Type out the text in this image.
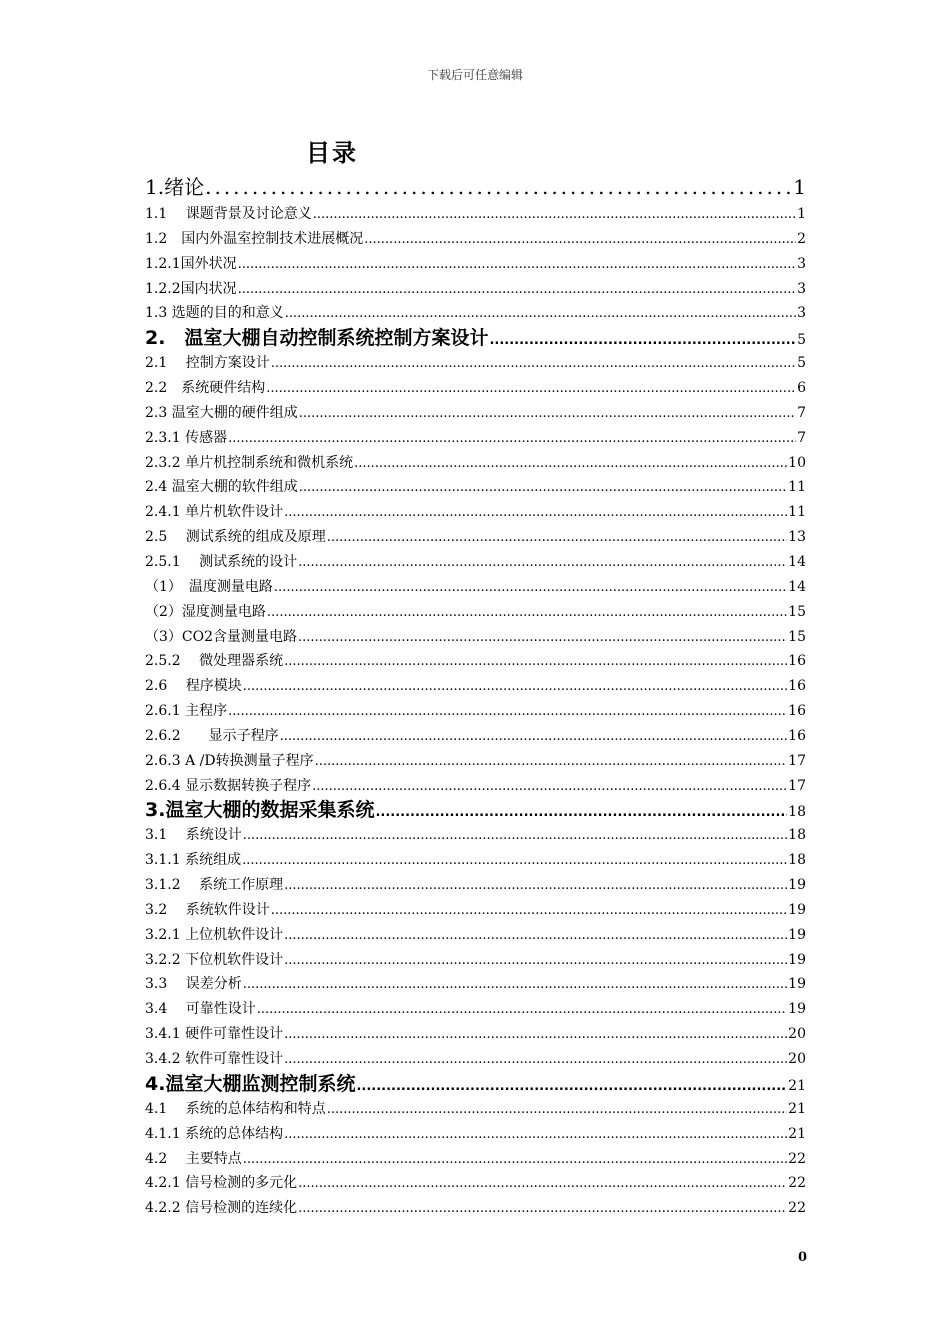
下载后可任意编辑
目录
1.绪论 .....	1
1.1　 课题背景及讨论意义 .....	1
1.2　国内外温室控制技术进展概况 .....	2
1.2.1国外状况 .....	3
1.2.2国内状况 .....	3
1.3 选题的目的和意义 .....	3
2.　温室大棚自动控制系统控制方案设计 .....	5
2.1　 控制方案设计 .....	5
2.2　系统硬件结构 .....	6
2.3 温室大棚的硬件组成 .....	7
2.3.1 传感器 .....	7
2.3.2 单片机控制系统和微机系统 .....	10
2.4 温室大棚的软件组成 .....	11
2.4.1 单片机软件设计 .....	11
2.5　 测试系统的组成及原理 .....	13
2.5.1　 测试系统的设计 .....	14
（1）　温度测量电路 .....	14
（2）湿度测量电路 .....	15
（3）CO2含量测量电路 .....	15
2.5.2　 微处理器系统 .....	16
2.6　 程序模块 .....	16
2.6.1 主程序 .....	16
2.6.2　　显示子程序 .....	16
2.6.3 A /D转换测量子程序 .....	17
2.6.4 显示数据转换子程序 .....	17
3.温室大棚的数据采集系统 .....	18
3.1　 系统设计 .....	18
3.1.1 系统组成 .....	18
3.1.2　 系统工作原理 .....	19
3.2　 系统软件设计 .....	19
3.2.1 上位机软件设计 .....	19
3.2.2 下位机软件设计 .....	19
3.3　 误差分析 .....	19
3.4　 可靠性设计 .....	19
3.4.1 硬件可靠性设计 .....	20
3.4.2 软件可靠性设计 .....	20
4.温室大棚监测控制系统 .....	21
4.1　 系统的总体结构和特点 .....	21
4.1.1 系统的总体结构 .....	21
4.2　 主要特点 .....	22
4.2.1 信号检测的多元化 .....	22
4.2.2 信号检测的连续化 .....	22
0
